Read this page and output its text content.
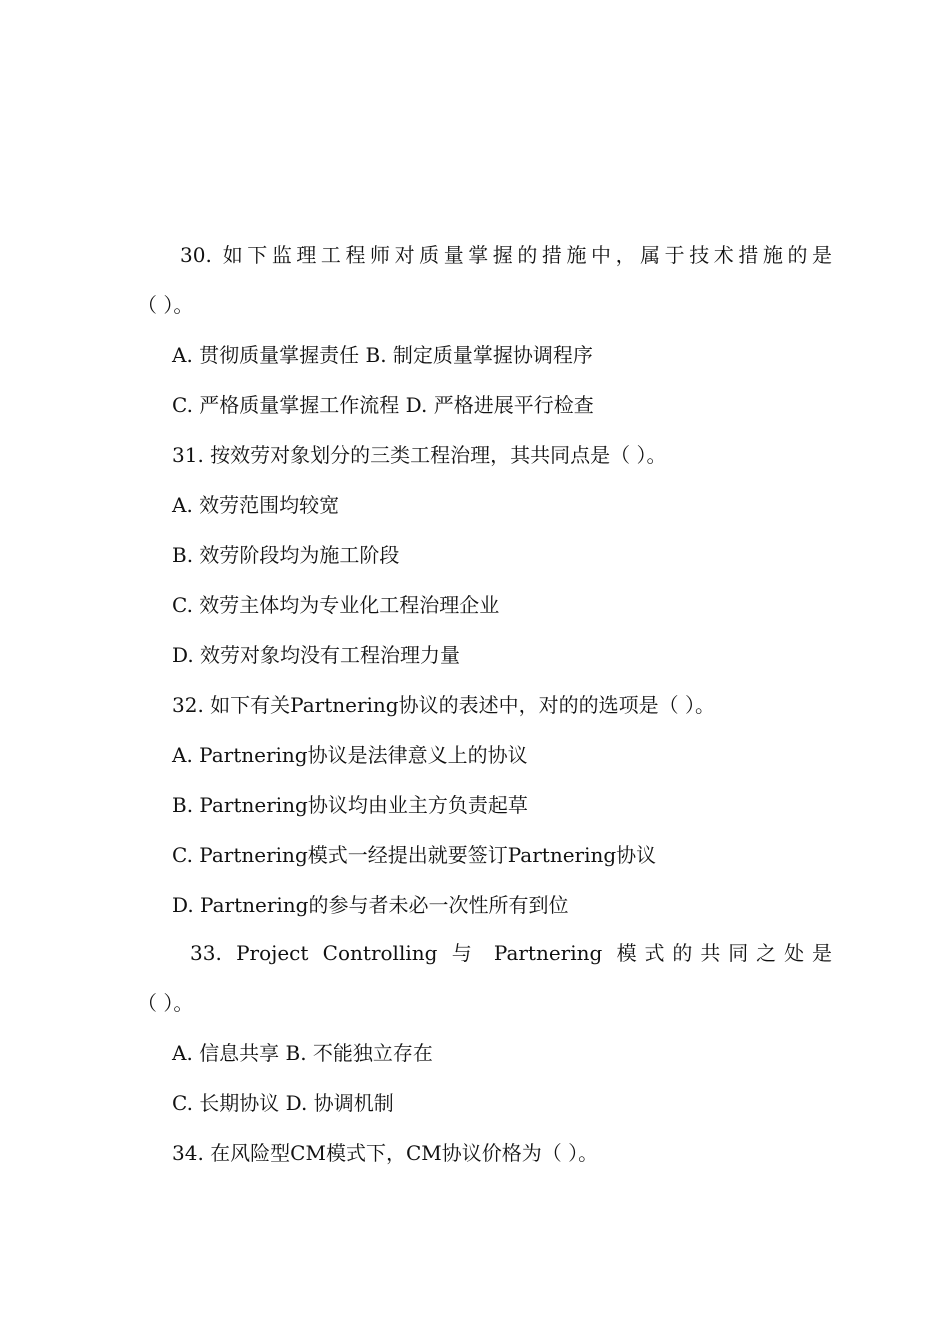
30. 如下监理工程师对质量掌握的措施中，属于技术措施的是
（ ）。
A. 贯彻质量掌握责任 B. 制定质量掌握协调程序
C. 严格质量掌握工作流程 D. 严格进展平行检查
31. 按效劳对象划分的三类工程治理，其共同点是（ ）。
A. 效劳范围均较宽
B. 效劳阶段均为施工阶段
C. 效劳主体均为专业化工程治理企业
D. 效劳对象均没有工程治理力量
32. 如下有关Partnering协议的表述中，对的的选项是（ ）。
A. Partnering协议是法律意义上的协议
B. Partnering协议均由业主方负责起草
C. Partnering模式一经提出就要签订Partnering协议
D. Partnering的参与者未必一次性所有到位
33. Project Controlling 与 Partnering 模式的共同之处是
（ ）。
A. 信息共享 B. 不能独立存在
C. 长期协议 D. 协调机制
34. 在风险型CM模式下，CM协议价格为（ ）。
